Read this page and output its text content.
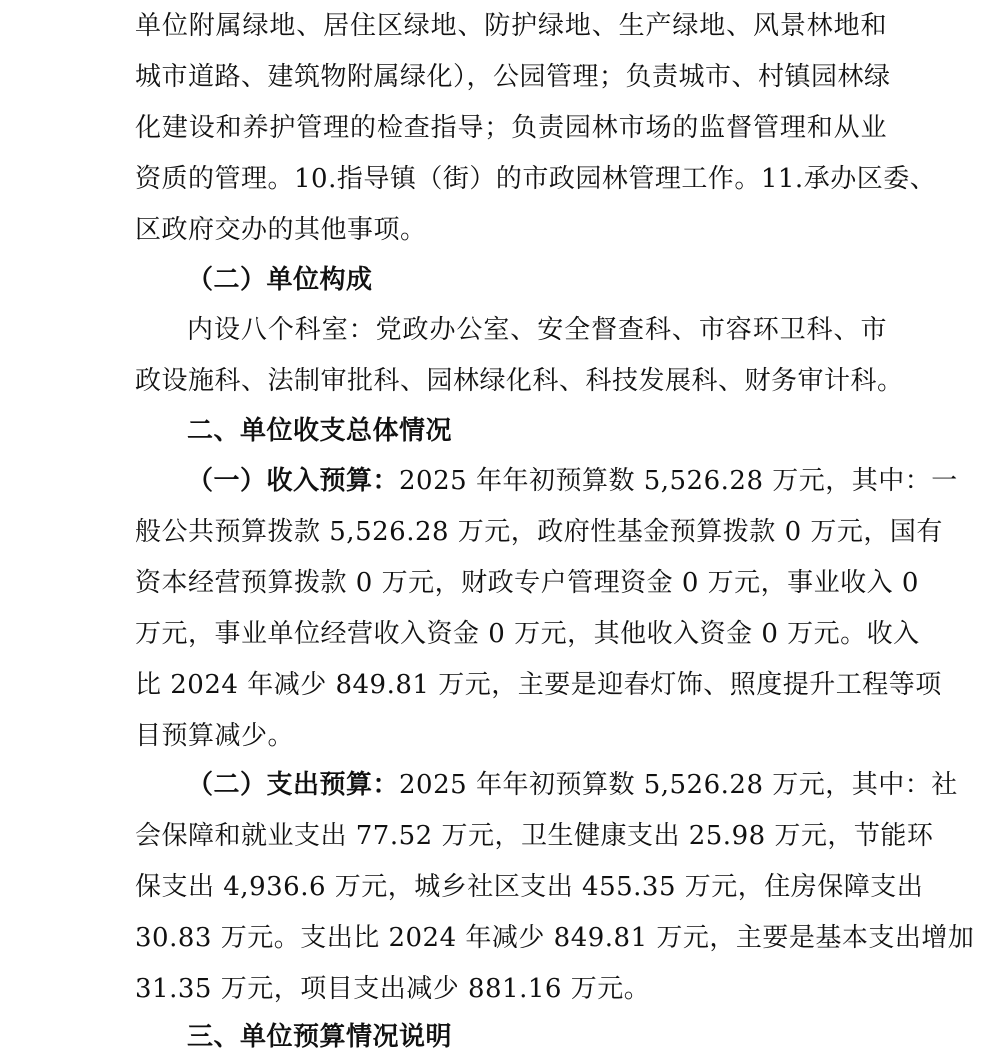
单位附属绿地、居住区绿地、防护绿地、生产绿地、风景林地和
城市道路、建筑物附属绿化），公园管理；负责城市、村镇园林绿
化建设和养护管理的检查指导；负责园林市场的监督管理和从业
资质的管理。10.指导镇（街）的市政园林管理工作。11.承办区委、
区政府交办的其他事项。
（二）单位构成
内设八个科室：党政办公室、安全督查科、市容环卫科、市
政设施科、法制审批科、园林绿化科、科技发展科、财务审计科。
二、单位收支总体情况
（一）收入预算：2025 年年初预算数 5,526.28 万元，其中：一
般公共预算拨款 5,526.28 万元，政府性基金预算拨款 0 万元，国有
资本经营预算拨款 0 万元，财政专户管理资金 0 万元，事业收入 0
万元，事业单位经营收入资金 0 万元，其他收入资金 0 万元。收入
比 2024 年减少 849.81 万元，主要是迎春灯饰、照度提升工程等项
目预算减少。
（二）支出预算：2025 年年初预算数 5,526.28 万元，其中：社
会保障和就业支出 77.52 万元，卫生健康支出 25.98 万元，节能环
保支出 4,936.6 万元，城乡社区支出 455.35 万元，住房保障支出
30.83 万元。支出比 2024 年减少 849.81 万元，主要是基本支出增加
31.35 万元，项目支出减少 881.16 万元。
三、单位预算情况说明
